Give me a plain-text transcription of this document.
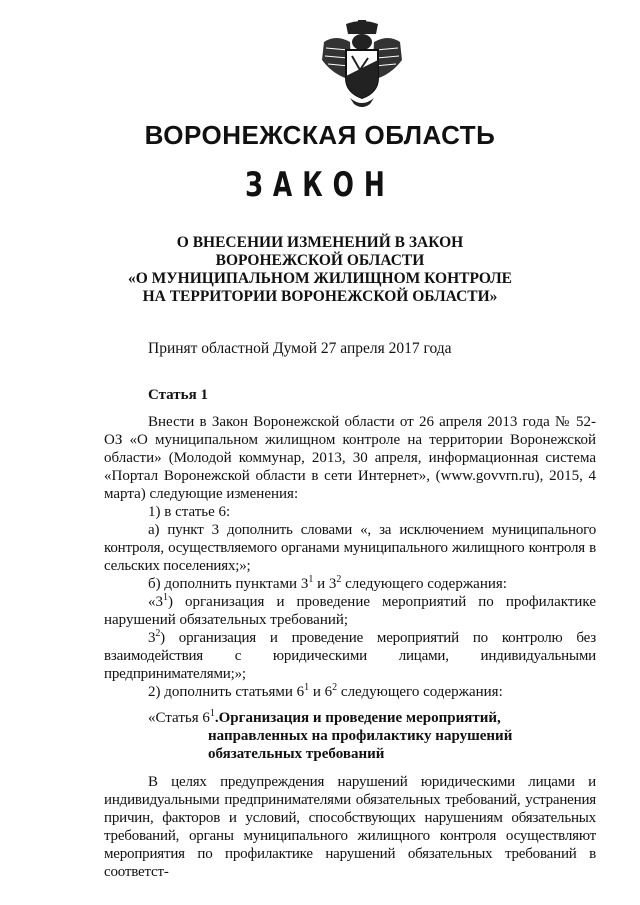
ВОРОНЕЖСКАЯ ОБЛАСТЬ
ЗАКОН
О ВНЕСЕНИИ ИЗМЕНЕНИЙ В ЗАКОН
ВОРОНЕЖСКОЙ ОБЛАСТИ
«О МУНИЦИПАЛЬНОМ ЖИЛИЩНОМ КОНТРОЛЕ
НА ТЕРРИТОРИИ ВОРОНЕЖСКОЙ ОБЛАСТИ»
Принят областной Думой 27 апреля 2017 года
Статья 1

Внести в Закон Воронежской области от 26 апреля 2013 года № 52-ОЗ «О муниципальном жилищном контроле на территории Воронежской области» (Молодой коммунар, 2013, 30 апреля, информационная система «Портал Воронежской области в сети Интернет», (www.govvrn.ru), 2015, 4 марта) следующие изменения:

1) в статье 6:

а) пункт 3 дополнить словами «, за исключением муниципального контроля, осуществляемого органами муниципального жилищного контроля в сельских поселениях;»;

б) дополнить пунктами $3^1$ и $3^2$ следующего содержания:

«$3^1$) организация и проведение мероприятий по профилактике нарушений обязательных требований;

$3^2$) организация и проведение мероприятий по контролю без взаимодействия с юридическими лицами, индивидуальными предпринимателями;»;

2) дополнить статьями $6^1$ и $6^2$ следующего содержания:

«Статья $6^1.Организация$ и проведение мероприятий,
направленных на профилактику нарушений
обязательных требований

В целях предупреждения нарушений юридическими лицами и индивидуальными предпринимателями обязательных требований, устранения причин, факторов и условий, способствующих нарушениям обязательных требований, органы муниципального жилищного контроля осуществляют мероприятия по профилактике нарушений обязательных требований в соответст-
